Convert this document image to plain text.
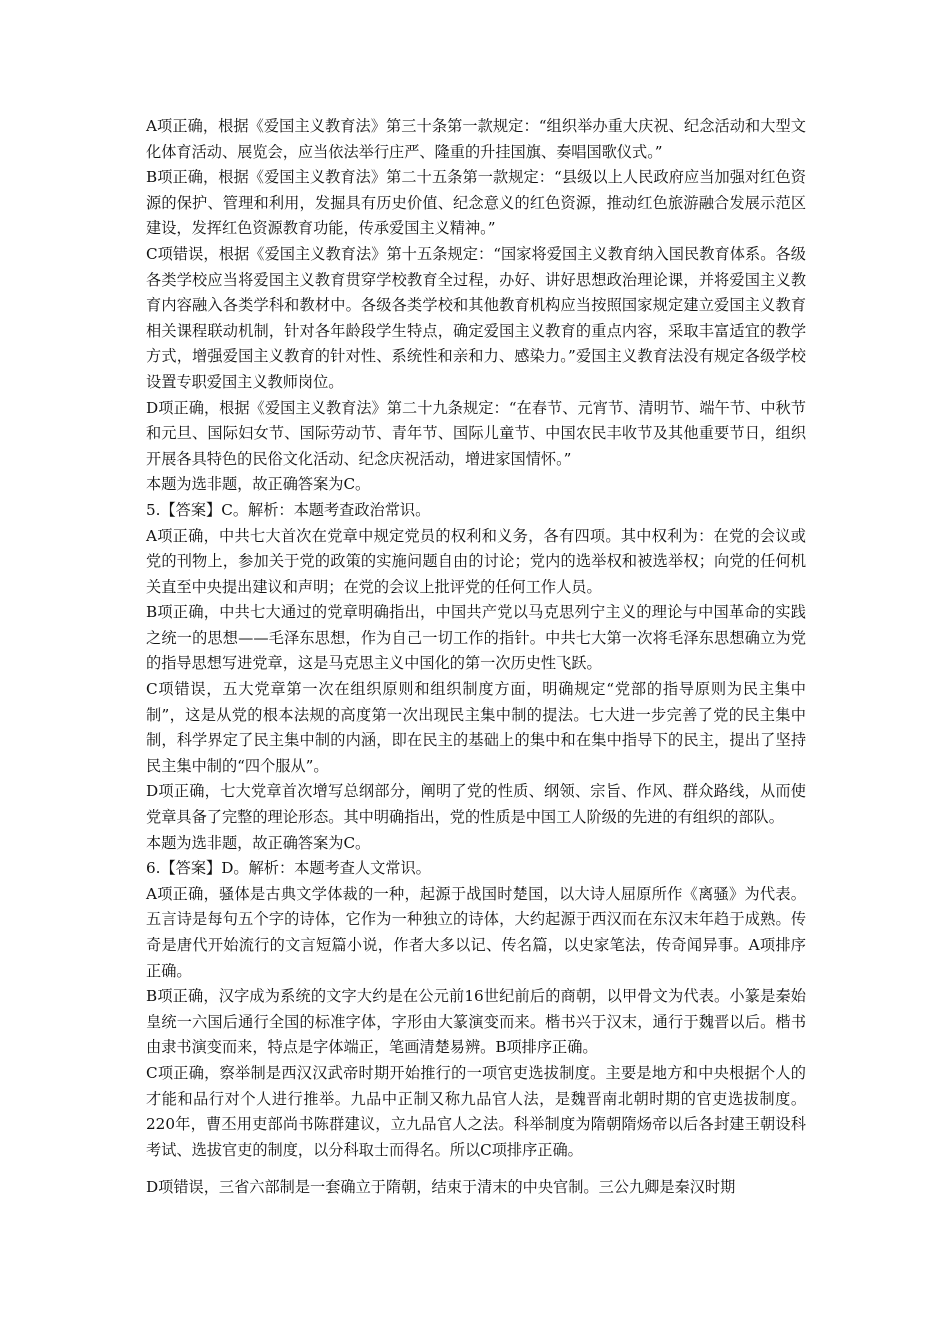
A项正确，根据《爱国主义教育法》第三十条第一款规定：“组织举办重大庆祝、纪念活动和大型文化体育活动、展览会，应当依法举行庄严、隆重的升挂国旗、奏唱国歌仪式。”

B项正确，根据《爱国主义教育法》第二十五条第一款规定：“县级以上人民政府应当加强对红色资源的保护、管理和利用，发掘具有历史价值、纪念意义的红色资源，推动红色旅游融合发展示范区建设，发挥红色资源教育功能，传承爱国主义精神。”

C项错误，根据《爱国主义教育法》第十五条规定：“国家将爱国主义教育纳入国民教育体系。各级各类学校应当将爱国主义教育贯穿学校教育全过程，办好、讲好思想政治理论课，并将爱国主义教育内容融入各类学科和教材中。各级各类学校和其他教育机构应当按照国家规定建立爱国主义教育相关课程联动机制，针对各年龄段学生特点，确定爱国主义教育的重点内容，采取丰富适宜的教学方式，增强爱国主义教育的针对性、系统性和亲和力、感染力。”爱国主义教育法没有规定各级学校设置专职爱国主义教师岗位。

D项正确，根据《爱国主义教育法》第二十九条规定：“在春节、元宵节、清明节、端午节、中秋节和元旦、国际妇女节、国际劳动节、青年节、国际儿童节、中国农民丰收节及其他重要节日，组织开展各具特色的民俗文化活动、纪念庆祝活动，增进家国情怀。”

本题为选非题，故正确答案为C。

5.【答案】C。解析：本题考查政治常识。

A项正确，中共七大首次在党章中规定党员的权利和义务，各有四项。其中权利为：在党的会议或党的刊物上，参加关于党的政策的实施问题自由的讨论；党内的选举权和被选举权；向党的任何机关直至中央提出建议和声明；在党的会议上批评党的任何工作人员。

B项正确，中共七大通过的党章明确指出，中国共产党以马克思列宁主义的理论与中国革命的实践之统一的思想——毛泽东思想，作为自己一切工作的指针。中共七大第一次将毛泽东思想确立为党的指导思想写进党章，这是马克思主义中国化的第一次历史性飞跃。

C项错误，五大党章第一次在组织原则和组织制度方面，明确规定“党部的指导原则为民主集中制”，这是从党的根本法规的高度第一次出现民主集中制的提法。七大进一步完善了党的民主集中制，科学界定了民主集中制的内涵，即在民主的基础上的集中和在集中指导下的民主，提出了坚持民主集中制的“四个服从”。

D项正确，七大党章首次增写总纲部分，阐明了党的性质、纲领、宗旨、作风、群众路线，从而使党章具备了完整的理论形态。其中明确指出，党的性质是中国工人阶级的先进的有组织的部队。

本题为选非题，故正确答案为C。

6.【答案】D。解析：本题考查人文常识。

A项正确，骚体是古典文学体裁的一种，起源于战国时楚国，以大诗人屈原所作《离骚》为代表。五言诗是每句五个字的诗体，它作为一种独立的诗体，大约起源于西汉而在东汉末年趋于成熟。传奇是唐代开始流行的文言短篇小说，作者大多以记、传名篇，以史家笔法，传奇闻异事。A项排序正确。

B项正确，汉字成为系统的文字大约是在公元前16世纪前后的商朝，以甲骨文为代表。小篆是秦始皇统一六国后通行全国的标准字体，字形由大篆演变而来。楷书兴于汉末，通行于魏晋以后。楷书由隶书演变而来，特点是字体端正，笔画清楚易辨。B项排序正确。

C项正确，察举制是西汉汉武帝时期开始推行的一项官吏选拔制度。主要是地方和中央根据个人的才能和品行对个人进行推举。九品中正制又称九品官人法，是魏晋南北朝时期的官吏选拔制度。220年，曹丕用吏部尚书陈群建议，立九品官人之法。科举制度为隋朝隋炀帝以后各封建王朝设科考试、选拔官吏的制度，以分科取士而得名。所以C项排序正确。

D项错误，三省六部制是一套确立于隋朝，结束于清末的中央官制。三公九卿是秦汉时期
